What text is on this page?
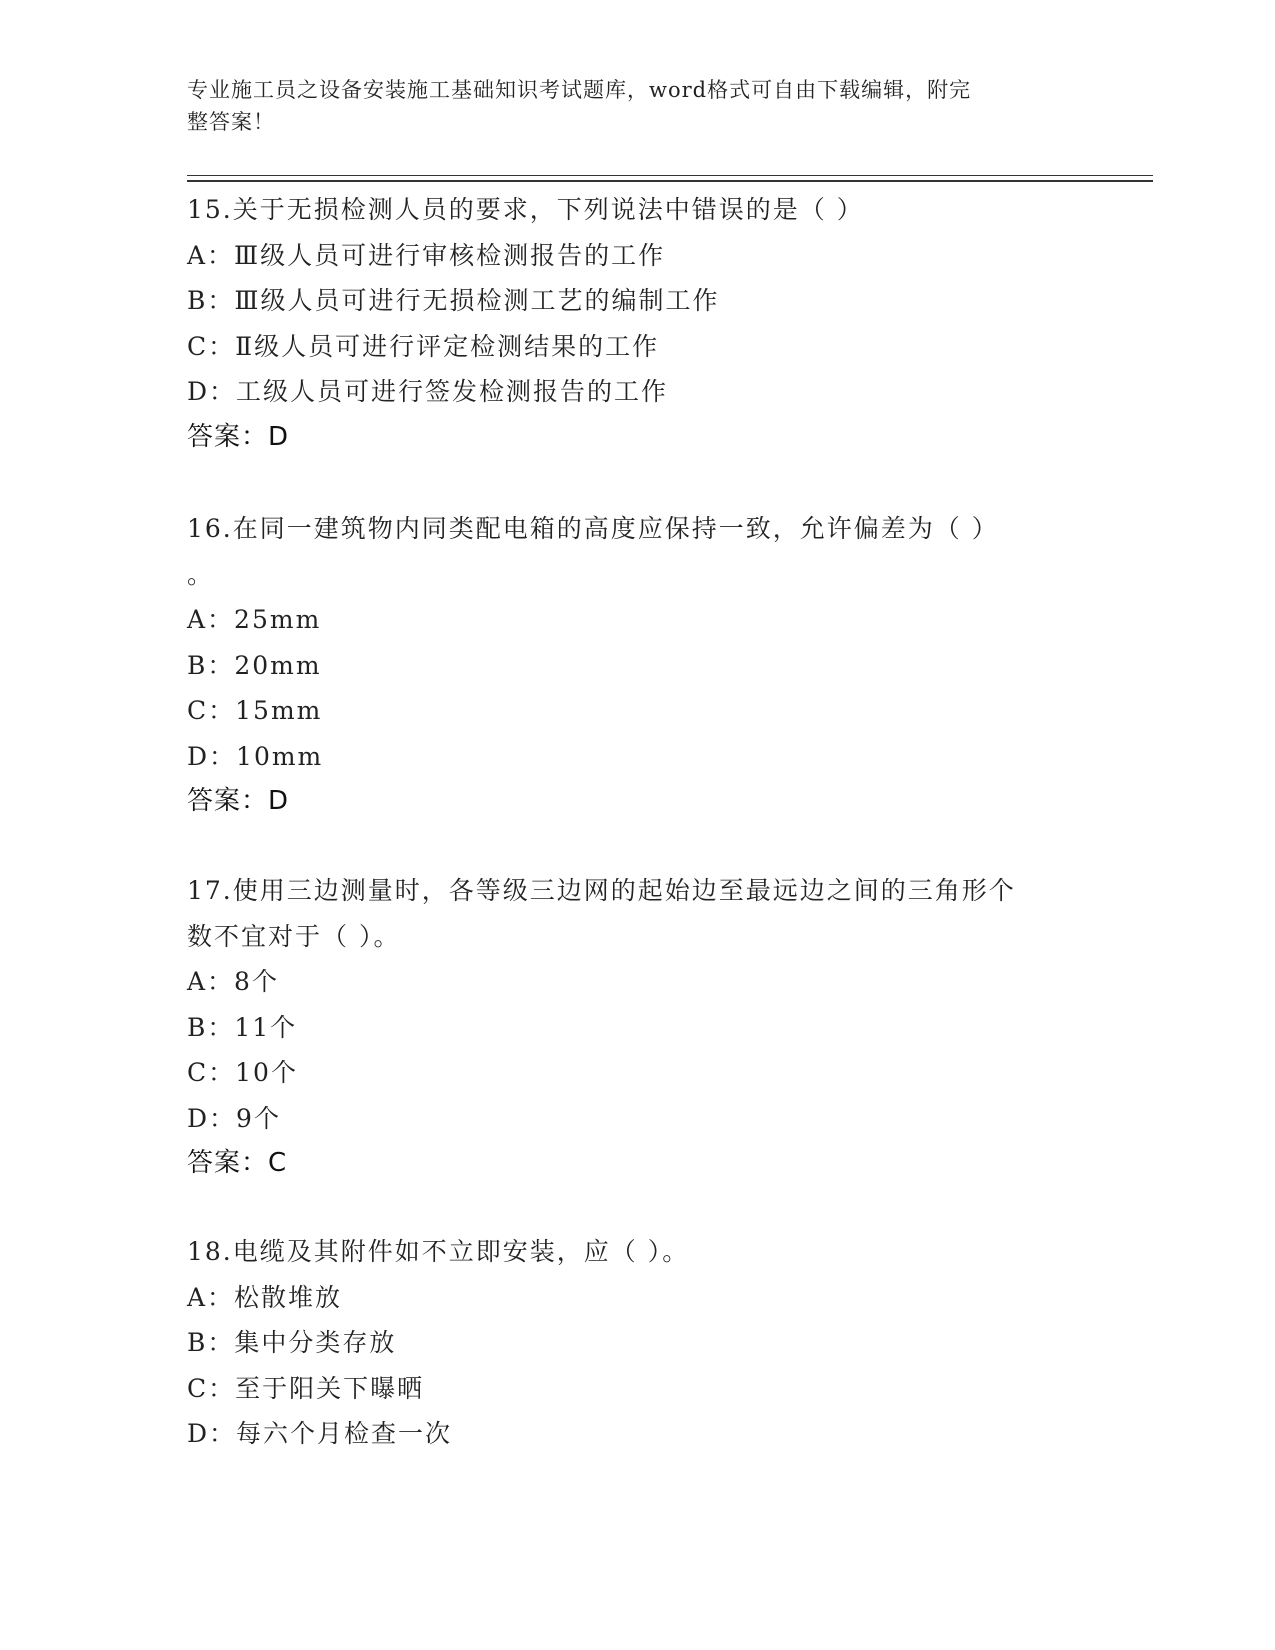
专业施工员之设备安装施工基础知识考试题库，word格式可自由下载编辑，附完
整答案！
15.关于无损检测人员的要求，下列说法中错误的是（ ）
A：Ⅲ级人员可进行审核检测报告的工作
B：Ⅲ级人员可进行无损检测工艺的编制工作
C：Ⅱ级人员可进行评定检测结果的工作
D：工级人员可进行签发检测报告的工作
答案：D
16.在同一建筑物内同类配电箱的高度应保持一致，允许偏差为（ ）
。
A：25mm
B：20mm
C：15mm
D：10mm
答案：D
17.使用三边测量时，各等级三边网的起始边至最远边之间的三角形个
数不宜对于（ ）。
A：8个
B：11个
C：10个
D：9个
答案：C
18.电缆及其附件如不立即安装，应（ ）。
A：松散堆放
B：集中分类存放
C：至于阳关下曝晒
D：每六个月检查一次
